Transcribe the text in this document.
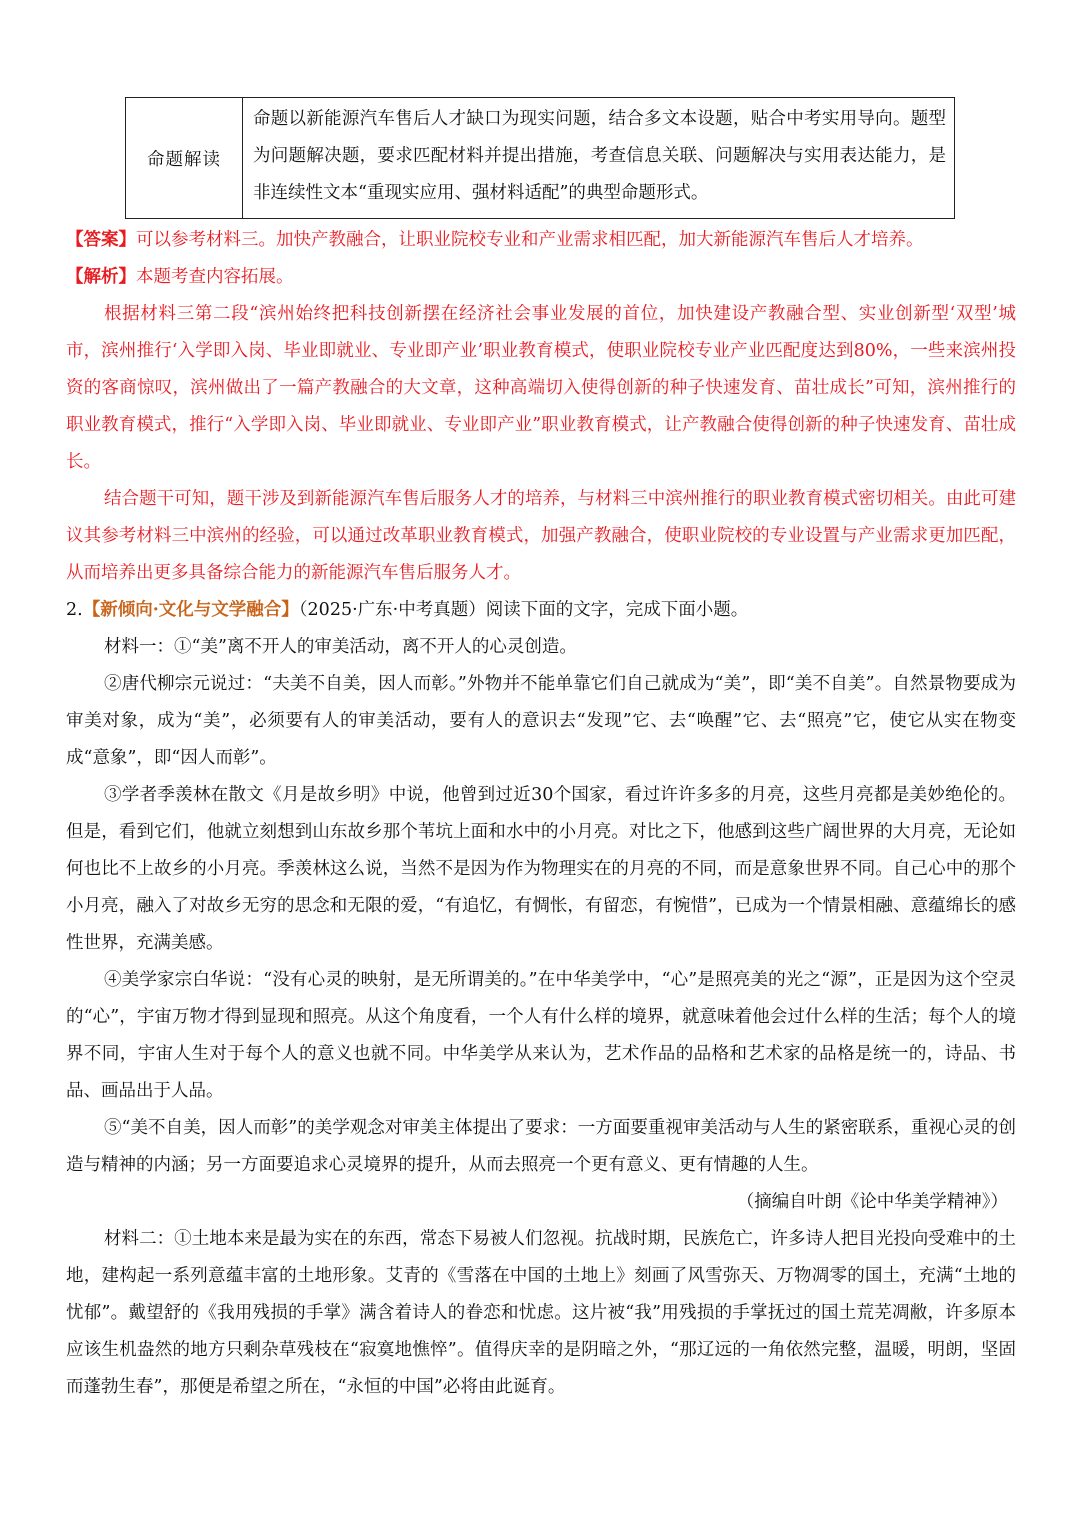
命题解读	命题以新能源汽车售后人才缺口为现实问题，结合多文本设题，贴合中考实用导向。题型为问题解决题，要求匹配材料并提出措施，考查信息关联、问题解决与实用表达能力，是非连续性文本“重现实应用、强材料适配”的典型命题形式。

【答案】可以参考材料三。加快产教融合，让职业院校专业和产业需求相匹配，加大新能源汽车售后人才培养。

【解析】本题考查内容拓展。

根据材料三第二段“滨州始终把科技创新摆在经济社会事业发展的首位，加快建设产教融合型、实业创新型‘双型’城市，滨州推行‘入学即入岗、毕业即就业、专业即产业’职业教育模式，使职业院校专业产业匹配度达到80%，一些来滨州投资的客商惊叹，滨州做出了一篇产教融合的大文章，这种高端切入使得创新的种子快速发育、苗壮成长”可知，滨州推行的职业教育模式，推行“入学即入岗、毕业即就业、专业即产业”职业教育模式，让产教融合使得创新的种子快速发育、苗壮成长。

结合题干可知，题干涉及到新能源汽车售后服务人才的培养，与材料三中滨州推行的职业教育模式密切相关。由此可建议其参考材料三中滨州的经验，可以通过改革职业教育模式，加强产教融合，使职业院校的专业设置与产业需求更加匹配，从而培养出更多具备综合能力的新能源汽车售后服务人才。

2.【新倾向·文化与文学融合】（2025·广东·中考真题）阅读下面的文字，完成下面小题。

材料一：①“美”离不开人的审美活动，离不开人的心灵创造。

②唐代柳宗元说过：“夫美不自美，因人而彰。”外物并不能单靠它们自己就成为“美”，即“美不自美”。自然景物要成为审美对象，成为“美”，必须要有人的审美活动，要有人的意识去“发现”它、去“唤醒”它、去“照亮”它，使它从实在物变成“意象”，即“因人而彰”。

③学者季羡林在散文《月是故乡明》中说，他曾到过近30个国家，看过许许多多的月亮，这些月亮都是美妙绝伦的。但是，看到它们，他就立刻想到山东故乡那个苇坑上面和水中的小月亮。对比之下，他感到这些广阔世界的大月亮，无论如何也比不上故乡的小月亮。季羡林这么说，当然不是因为作为物理实在的月亮的不同，而是意象世界不同。自己心中的那个小月亮，融入了对故乡无穷的思念和无限的爱，“有追忆，有惆怅，有留恋，有惋惜”，已成为一个情景相融、意蕴绵长的感性世界，充满美感。

④美学家宗白华说：“没有心灵的映射，是无所谓美的。”在中华美学中，“心”是照亮美的光之“源”，正是因为这个空灵的“心”，宇宙万物才得到显现和照亮。从这个角度看，一个人有什么样的境界，就意味着他会过什么样的生活；每个人的境界不同，宇宙人生对于每个人的意义也就不同。中华美学从来认为，艺术作品的品格和艺术家的品格是统一的，诗品、书品、画品出于人品。

⑤“美不自美，因人而彰”的美学观念对审美主体提出了要求：一方面要重视审美活动与人生的紧密联系，重视心灵的创造与精神的内涵；另一方面要追求心灵境界的提升，从而去照亮一个更有意义、更有情趣的人生。

（摘编自叶朗《论中华美学精神》）

材料二：①土地本来是最为实在的东西，常态下易被人们忽视。抗战时期，民族危亡，许多诗人把目光投向受难中的土地，建构起一系列意蕴丰富的土地形象。艾青的《雪落在中国的土地上》刻画了风雪弥天、万物凋零的国土，充满“土地的忧郁”。戴望舒的《我用残损的手掌》满含着诗人的眷恋和忧虑。这片被“我”用残损的手掌抚过的国土荒芜凋敝，许多原本应该生机盎然的地方只剩杂草残枝在“寂寞地憔悴”。值得庆幸的是阴暗之外，“那辽远的一角依然完整，温暖，明朗，坚固而蓬勃生春”，那便是希望之所在，“永恒的中国”必将由此诞育。
